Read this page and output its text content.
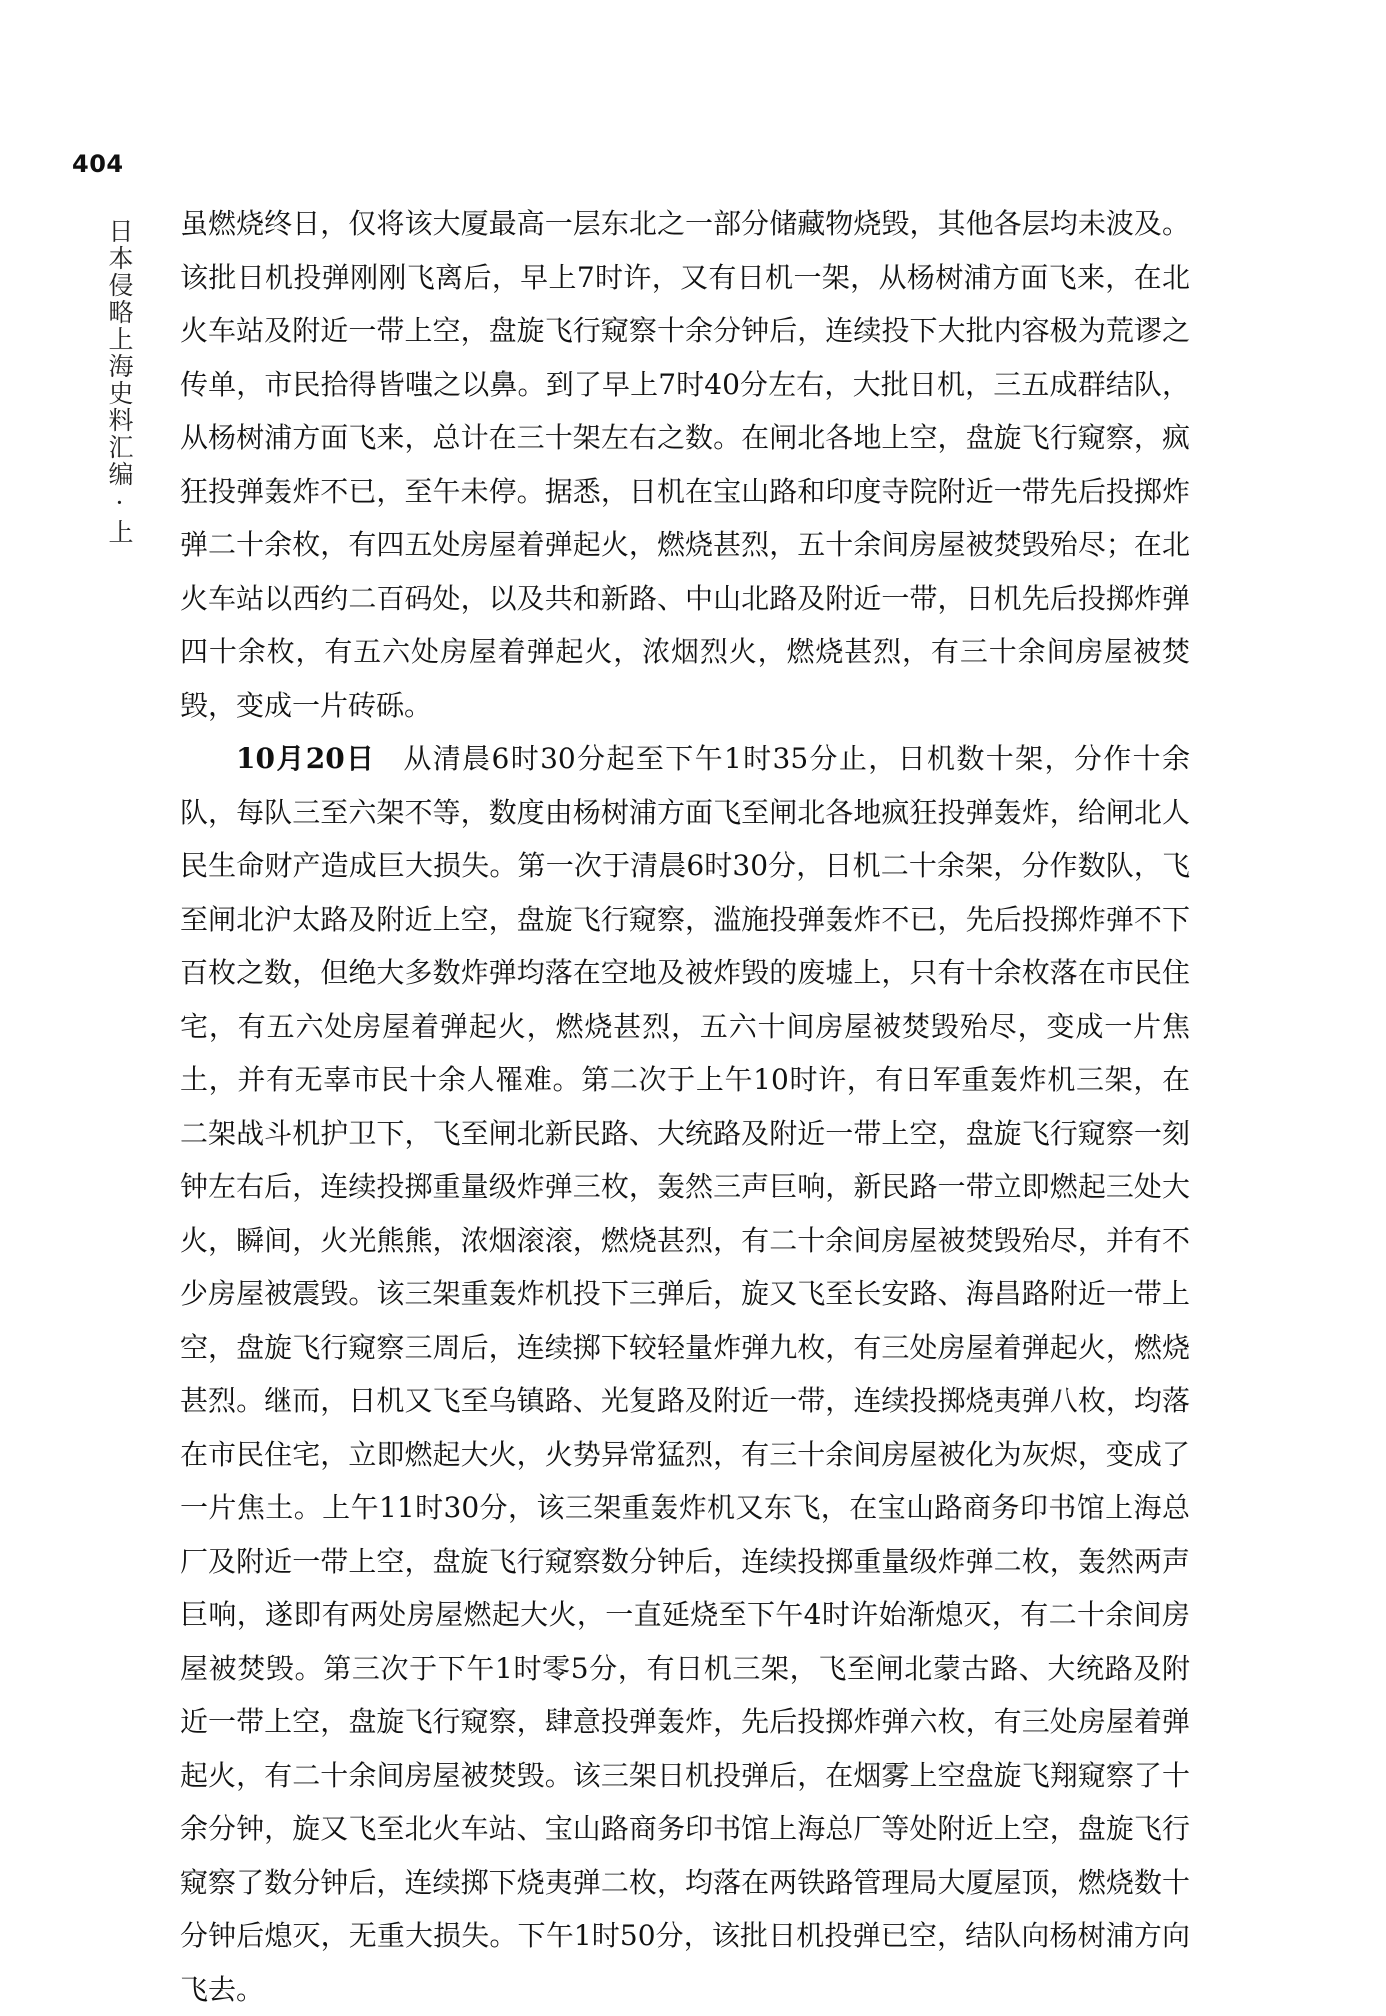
404
日本侵略上海史料汇编·上 虽燃烧终日，仅将该大厦最高一层东北之一部分储藏物烧毁，其他各层均未波及。该批日机投弹刚刚飞离后，早上7时许，又有日机一架，从杨树浦方面飞来，在北火车站及附近一带上空，盘旋飞行窥察十余分钟后，连续投下大批内容极为荒谬之传单，市民拾得皆嗤之以鼻。到了早上7时40分左右，大批日机，三五成群结队，从杨树浦方面飞来，总计在三十架左右之数。在闸北各地上空，盘旋飞行窥察，疯狂投弹轰炸不已，至午未停。据悉，日机在宝山路和印度寺院附近一带先后投掷炸弹二十余枚，有四五处房屋着弹起火，燃烧甚烈，五十余间房屋被焚毁殆尽；在北火车站以西约二百码处，以及共和新路、中山北路及附近一带，日机先后投掷炸弹四十余枚，有五六处房屋着弹起火，浓烟烈火，燃烧甚烈，有三十余间房屋被焚毁，变成一片砖砾。

10月20日 从清晨6时30分起至下午1时35分止，日机数十架，分作十余队，每队三至六架不等，数度由杨树浦方面飞至闸北各地疯狂投弹轰炸，给闸北人民生命财产造成巨大损失。第一次于清晨6时30分，日机二十余架，分作数队，飞至闸北沪太路及附近上空，盘旋飞行窥察，滥施投弹轰炸不已，先后投掷炸弹不下百枚之数，但绝大多数炸弹均落在空地及被炸毁的废墟上，只有十余枚落在市民住宅，有五六处房屋着弹起火，燃烧甚烈，五六十间房屋被焚毁殆尽，变成一片焦土，并有无辜市民十余人罹难。第二次于上午10时许，有日军重轰炸机三架，在二架战斗机护卫下，飞至闸北新民路、大统路及附近一带上空，盘旋飞行窥察一刻钟左右后，连续投掷重量级炸弹三枚，轰然三声巨响，新民路一带立即燃起三处大火，瞬间，火光熊熊，浓烟滚滚，燃烧甚烈，有二十余间房屋被焚毁殆尽，并有不少房屋被震毁。该三架重轰炸机投下三弹后，旋又飞至长安路、海昌路附近一带上空，盘旋飞行窥察三周后，连续掷下较轻量炸弹九枚，有三处房屋着弹起火，燃烧甚烈。继而，日机又飞至乌镇路、光复路及附近一带，连续投掷烧夷弹八枚，均落在市民住宅，立即燃起大火，火势异常猛烈，有三十余间房屋被化为灰烬，变成了一片焦土。上午11时30分，该三架重轰炸机又东飞，在宝山路商务印书馆上海总厂及附近一带上空，盘旋飞行窥察数分钟后，连续投掷重量级炸弹二枚，轰然两声巨响，遂即有两处房屋燃起大火，一直延烧至下午4时许始渐熄灭，有二十余间房屋被焚毁。第三次于下午1时零5分，有日机三架，飞至闸北蒙古路、大统路及附近一带上空，盘旋飞行窥察，肆意投弹轰炸，先后投掷炸弹六枚，有三处房屋着弹起火，有二十余间房屋被焚毁。该三架日机投弹后，在烟雾上空盘旋飞翔窥察了十余分钟，旋又飞至北火车站、宝山路商务印书馆上海总厂等处附近上空，盘旋飞行窥察了数分钟后，连续掷下烧夷弹二枚，均落在两铁路管理局大厦屋顶，燃烧数十分钟后熄灭，无重大损失。下午1时50分，该批日机投弹已空，结队向杨树浦方向飞去。
